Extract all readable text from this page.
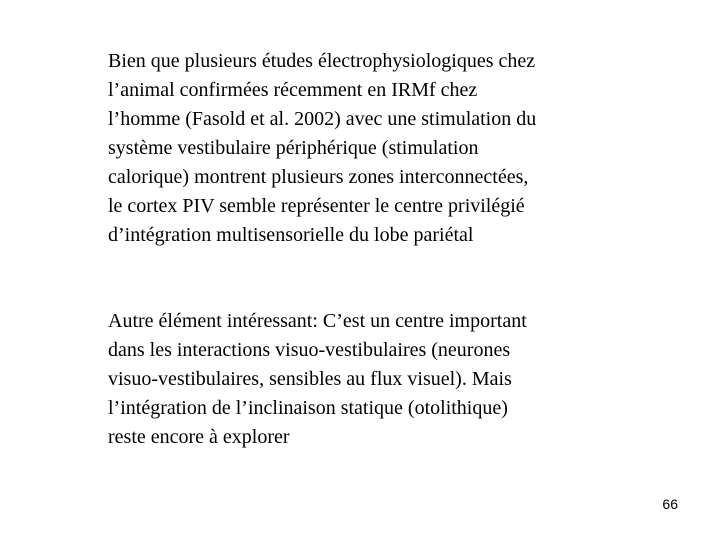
Bien que plusieurs études électrophysiologiques chez
l’animal confirmées récemment en IRMf chez
l’homme (Fasold et al. 2002) avec une stimulation du
système vestibulaire périphérique (stimulation
calorique) montrent plusieurs zones interconnectées,
le cortex PIV semble représenter le centre privilégié
d’intégration multisensorielle du lobe pariétal

Autre élément intéressant: C’est un centre important
dans les interactions visuo-vestibulaires (neurones
visuo-vestibulaires, sensibles au flux visuel). Mais
l’intégration de l’inclinaison statique (otolithique)
reste encore à explorer

66
